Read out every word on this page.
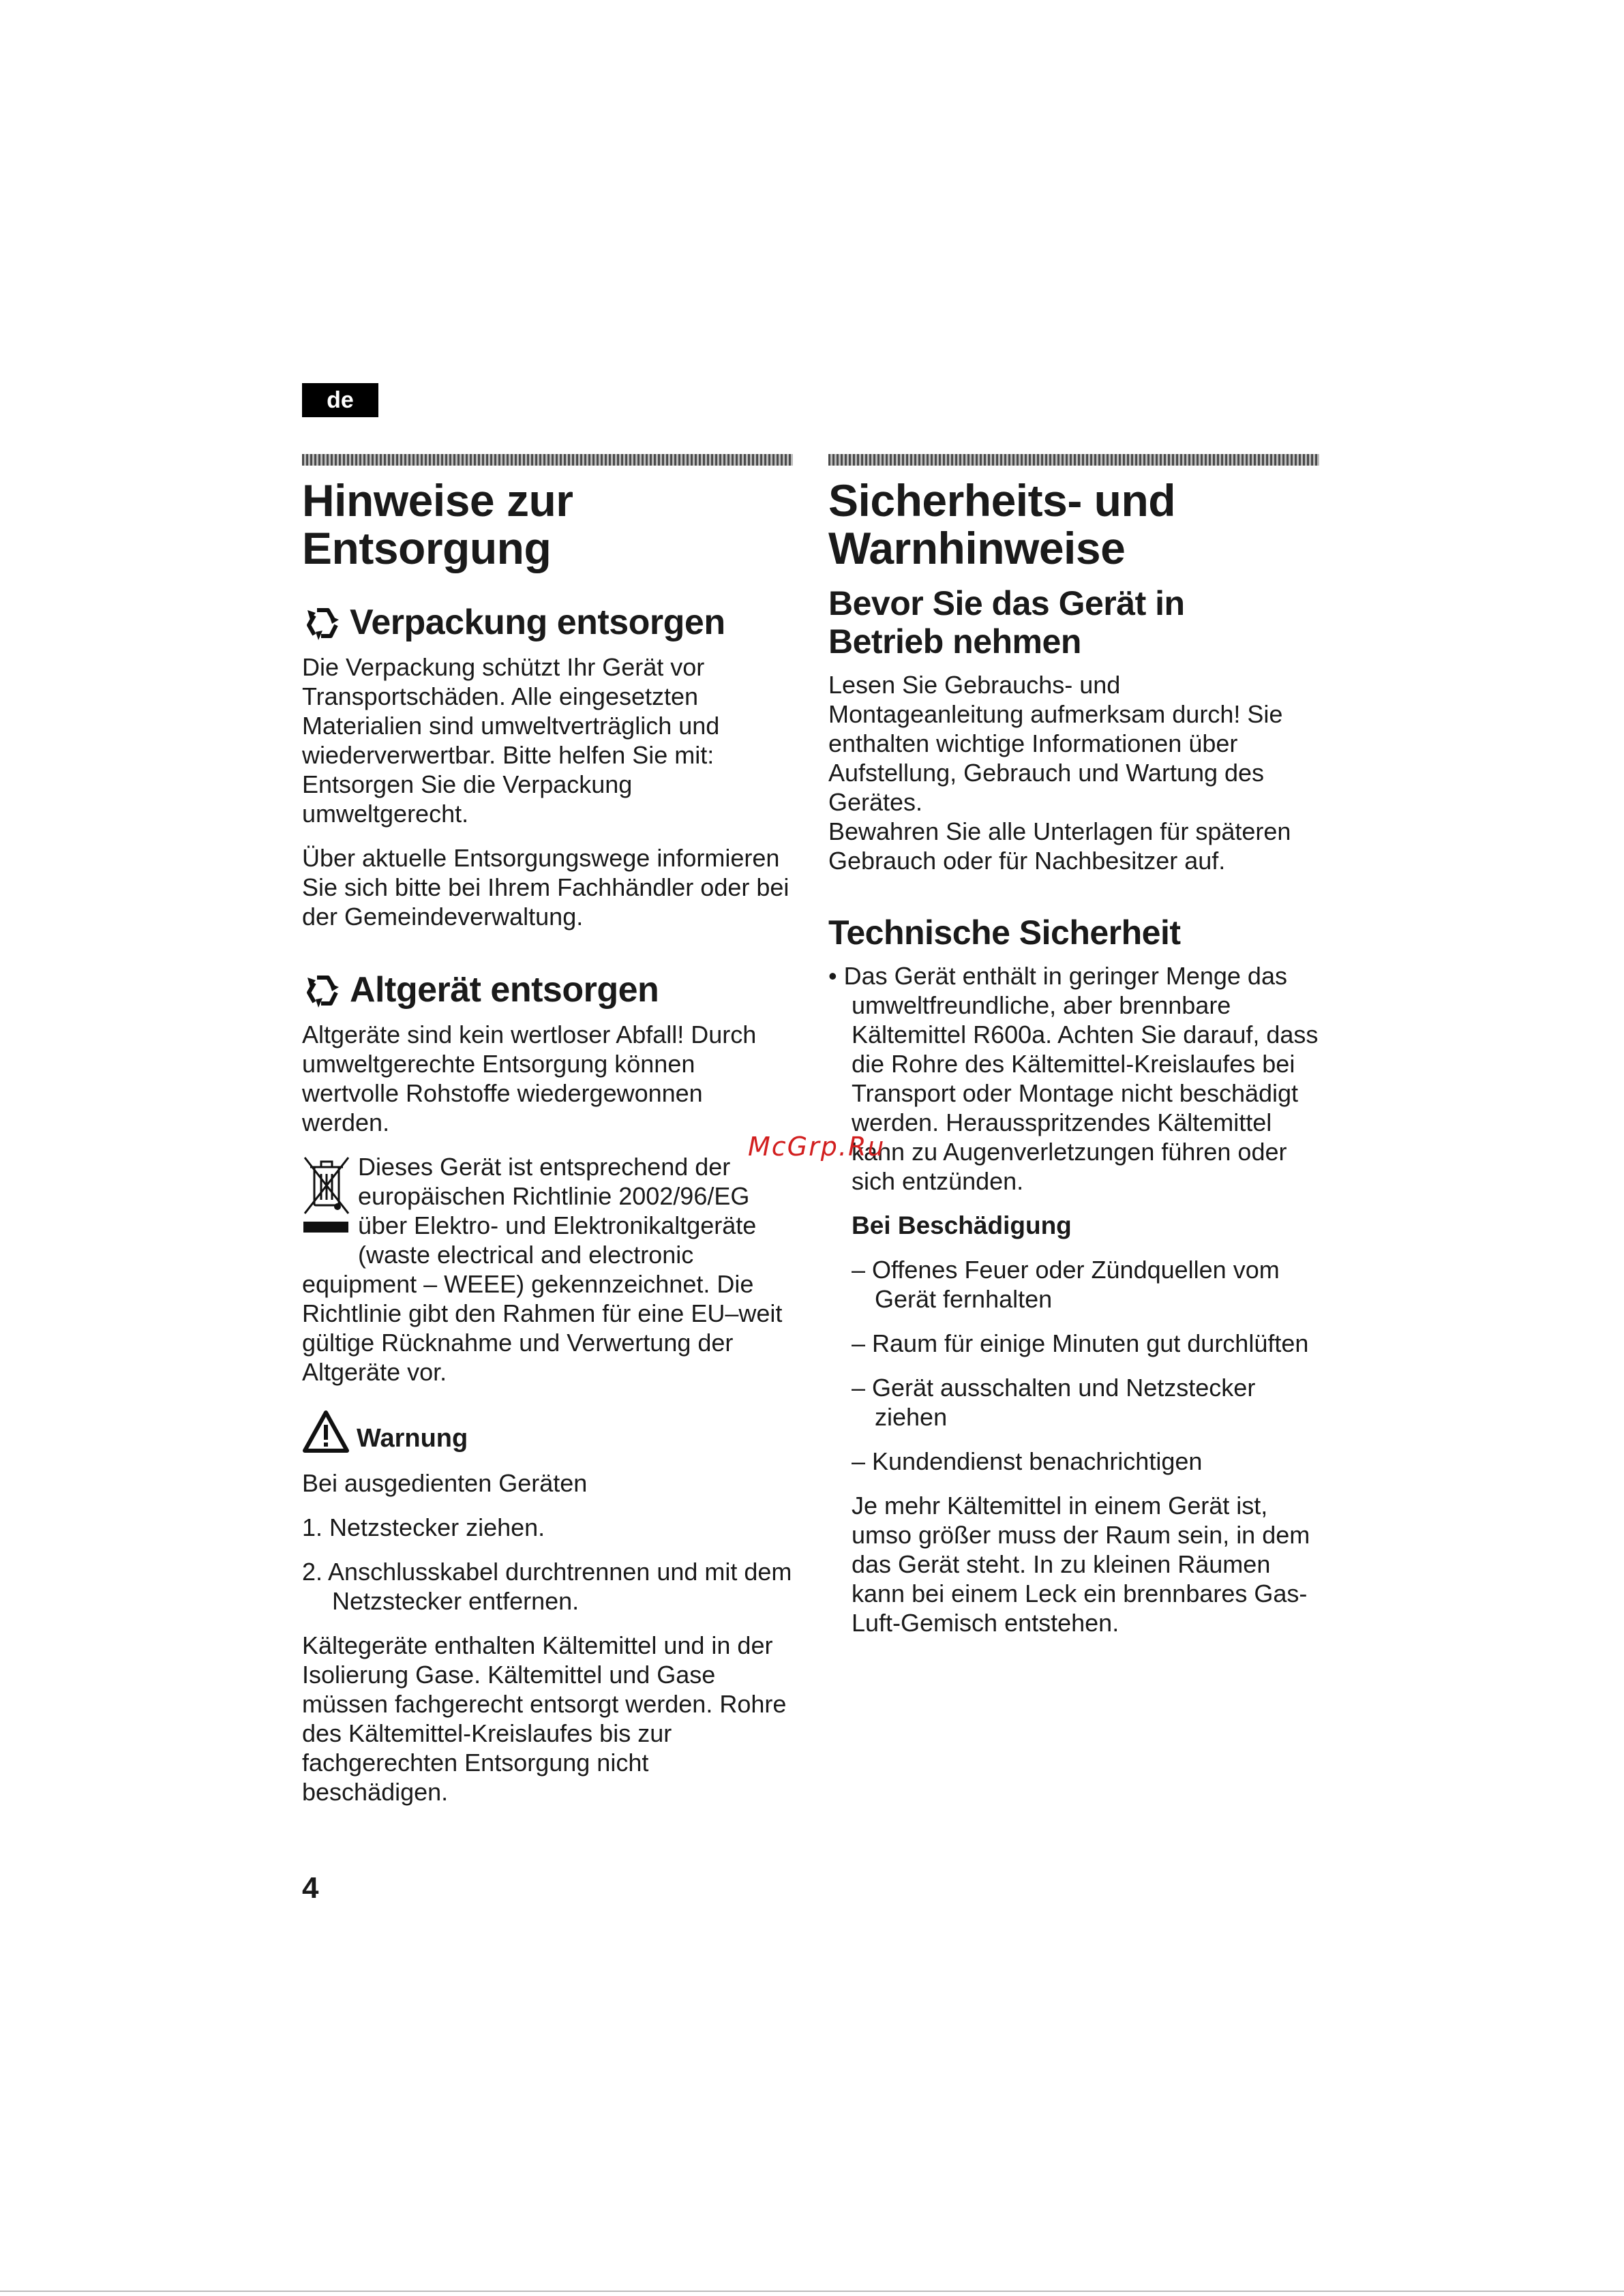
de
Hinweise zur
Entsorgung
Verpackung entsorgen

Die Verpackung schützt Ihr Gerät vor Transportschäden. Alle eingesetzten Materialien sind umweltverträglich und wiederverwertbar. Bitte helfen Sie mit: Entsorgen Sie die Verpackung umweltgerecht.

Über aktuelle Entsorgungswege informieren Sie sich bitte bei Ihrem Fachhändler oder bei der Gemeindeverwaltung.

Altgerät entsorgen

Altgeräte sind kein wertloser Abfall! Durch umweltgerechte Entsorgung können wertvolle Rohstoffe wiedergewonnen werden.

Dieses Gerät ist entsprechend der europäischen Richtlinie 2002/96/EG über Elektro- und Elektronikaltgeräte (waste electrical and electronic equipment – WEEE) gekennzeichnet. Die Richtlinie gibt den Rahmen für eine EU–weit gültige Rücknahme und Verwertung der Altgeräte vor.

Warnung

Bei ausgedienten Geräten

1. Netzstecker ziehen.
2. Anschlusskabel durchtrennen und mit dem Netzstecker entfernen.

Kältegeräte enthalten Kältemittel und in der Isolierung Gase. Kältemittel und Gase müssen fachgerecht entsorgt werden. Rohre des Kältemittel-Kreislaufes bis zur fachgerechten Entsorgung nicht beschädigen.

Sicherheits- und
Warnhinweise
Bevor Sie das Gerät in Betrieb nehmen

Lesen Sie Gebrauchs- und Montageanleitung aufmerksam durch! Sie enthalten wichtige Informationen über Aufstellung, Gebrauch und Wartung des Gerätes.

Bewahren Sie alle Unterlagen für späteren Gebrauch oder für Nachbesitzer auf.

Technische Sicherheit
• Das Gerät enthält in geringer Menge das umweltfreundliche, aber brennbare Kältemittel R600a. Achten Sie darauf, dass die Rohre des Kältemittel-Kreislaufes bei Transport oder Montage nicht beschädigt werden. Herausspritzendes Kältemittel kann zu Augenverletzungen führen oder sich entzünden.
Bei Beschädigung
– Offenes Feuer oder Zündquellen vom Gerät fernhalten
– Raum für einige Minuten gut durchlüften
– Gerät ausschalten und Netzstecker ziehen
– Kundendienst benachrichtigen

Je mehr Kältemittel in einem Gerät ist, umso größer muss der Raum sein, in dem das Gerät steht. In zu kleinen Räumen kann bei einem Leck ein brennbares Gas-Luft-Gemisch entstehen.

McGrp.Ru
4
